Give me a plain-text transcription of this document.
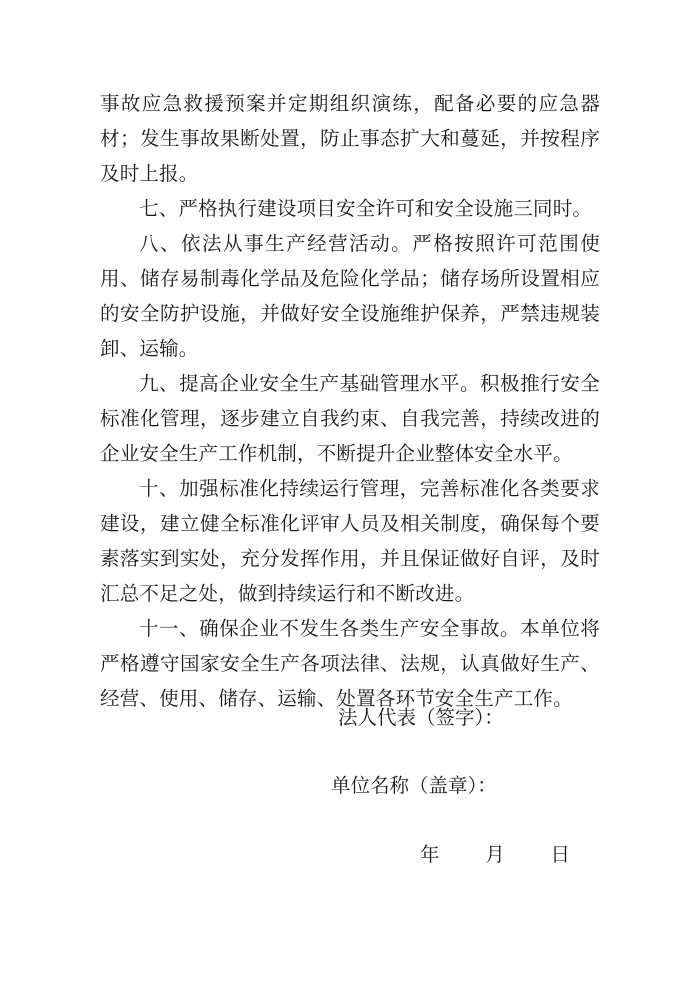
事故应急救援预案并定期组织演练，配备必要的应急器材；发生事故果断处置，防止事态扩大和蔓延，并按程序及时上报。

七、严格执行建设项目安全许可和安全设施三同时。

八、依法从事生产经营活动。严格按照许可范围使用、储存易制毒化学品及危险化学品；储存场所设置相应的安全防护设施，并做好安全设施维护保养，严禁违规装卸、运输。

九、提高企业安全生产基础管理水平。积极推行安全标准化管理，逐步建立自我约束、自我完善，持续改进的企业安全生产工作机制，不断提升企业整体安全水平。

十、加强标准化持续运行管理，完善标准化各类要求建设，建立健全标准化评审人员及相关制度，确保每个要素落实到实处，充分发挥作用，并且保证做好自评，及时汇总不足之处，做到持续运行和不断改进。

十一、确保企业不发生各类生产安全事故。本单位将严格遵守国家安全生产各项法律、法规，认真做好生产、经营、使用、储存、运输、处置各环节安全生产工作。

法人代表（签字）：
单位名称（盖章）：
年 月 日
